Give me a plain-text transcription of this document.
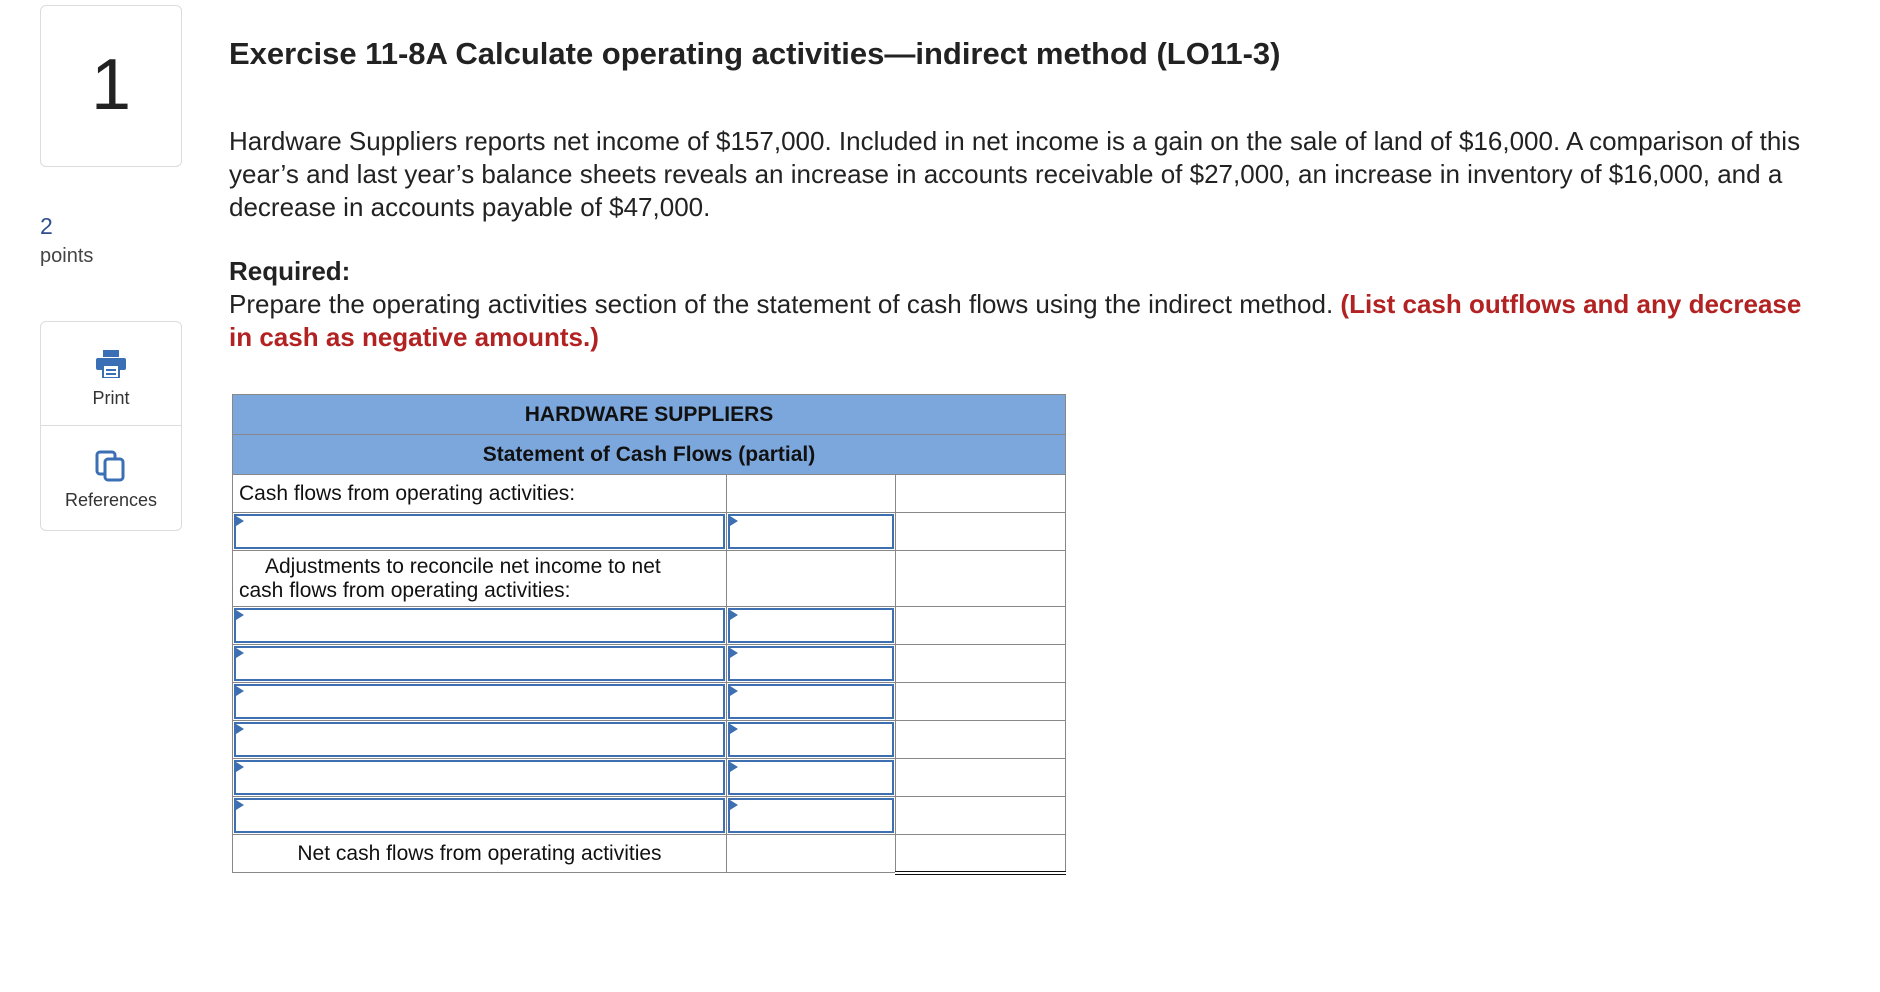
1
2
points
Print
References
Exercise 11-8A Calculate operating activities—indirect method (LO11-3)
Hardware Suppliers reports net income of $157,000. Included in net income is a gain on the sale of land of $16,000. A comparison of this year’s and last year’s balance sheets reveals an increase in accounts receivable of $27,000, an increase in inventory of $16,000, and a decrease in accounts payable of $47,000.
Required:
Prepare the operating activities section of the statement of cash flows using the indirect method. (List cash outflows and any decrease in cash as negative amounts.)
HARDWARE SUPPLIERS		
Statement of Cash Flows (partial)		
Cash flows from operating activities:		

Adjustments to reconcile net income to net
cash flows from operating activities:		

Net cash flows from operating activities		
